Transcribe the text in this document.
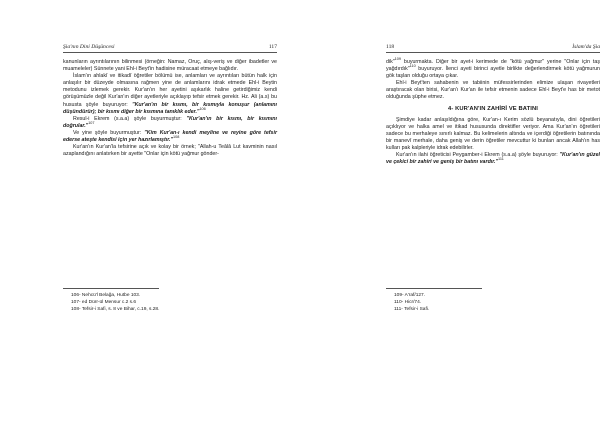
Şia'nın Dini Düşüncesi	117

kanunların ayrıntılarının bilinmesi (örneğin: Namaz, Oruç, alış-veriş ve diğer ibadetler ve muameleler) Sünnete yani Ehl-i Beyt'in hadisine müracaat etmeye bağlıdır.

İslam'ın ahlakî ve itikadî öğretiler bölümü ise, anlamları ve ayrıntıları bütün halk için anlaşılır bir düzeyde olmasına rağmen yine de anlamlarını idrak etmede Ehl-i Beytin metodunu izlemek gerekir. Kur'an'ın her ayetini aşıkarlık haline getirdiğimiz kendi görüşümüzle değil Kur'an'ın diğer ayetleriyle açıklayıp tefsir etmek gerekir. Hz. Ali (a.s) bu hususta şöyle buyuruyor: "Kur'an'ın bir kısmı, bir kısmıyla konuşur (anlamını düşündürür); bir kısmı diğer bir kısmına tanıklık eder."$^{106}$

Resul-i Ekrem (s.a.a) şöyle buyurmuştur: "Kur'an'ın bir kısmı, bir kısmını doğrular."$^{107}$

Ve yine şöyle buyurmuştur: "Kim Kur'an-ı kendi meyline ve reyine göre tefsir ederse ateşte kendisi için yer hazırlamıştır."$^{108}$

Kur'an'ın Kur'an'la tefsirine açık ve kolay bir örnek; "Allah-u Teâlâ Lut kavminin nasıl azaplandığını anlatırken bir ayette "Onlar için kötü yağmur gönder-

106- Nehcü'l Belağa, Hutbe 103.
107- ed Dürr-ül Mensur c.2 s.6
108- Tefsir-i Safi, s. 8 ve Bihar, c.19, s.28.
118	İslam'da Şia

dik"$^{109}$ buyurmakta. Diğer bir ayet-i kerimede de "kötü yağmur" yerine "Onlar için taş yağdırdık"$^{110}$ buyuruyor. İlenci ayeti birinci ayetle birlikte değerlendirmek kötü yağmurun gök taşları olduğu ortaya çıkar.

Ehl-i Beyt'ten sahabenin ve tabiinin müfessirlerinden elimize ulaşan rivayetleri araştıracak olan birisi, Kur'an'ı Kur'an ile tefsir etmenin sadece Ehl-i Beyt'e has bir metot olduğunda şüphe etmez.

4- KUR'AN'IN ZAHİRİ VE BATINI

Şimdiye kadar anlaşıldığına göre, Kur'an-ı Kerim sözlü beyanatıyla, dini öğretileri açıklıyor ve halka amel ve itikad hususunda direktifler veriyor. Ama Kur'an'ın öğretileri sadece bu merhaleye sınırlı kalmaz. Bu kelimelerin altında ve içerdiği öğretilerin batınında bir manevî merhale, daha geniş ve derin öğretiler mevcuttur ki bunları ancak Allah'ın has kulları pak kalpleriyle idrak edebilirler.

Kur'an'ın ilahi öğreticisi Peygamber-i Ekrem (s.a.a) şöyle buyuruyor: "Kur'an'ın güzel ve çekici bir zahiri ve geniş bir batını vardır."$^{111}$

109- A'raf/127.
110- Hicr/74.
111- Tefsir-i Safi.
